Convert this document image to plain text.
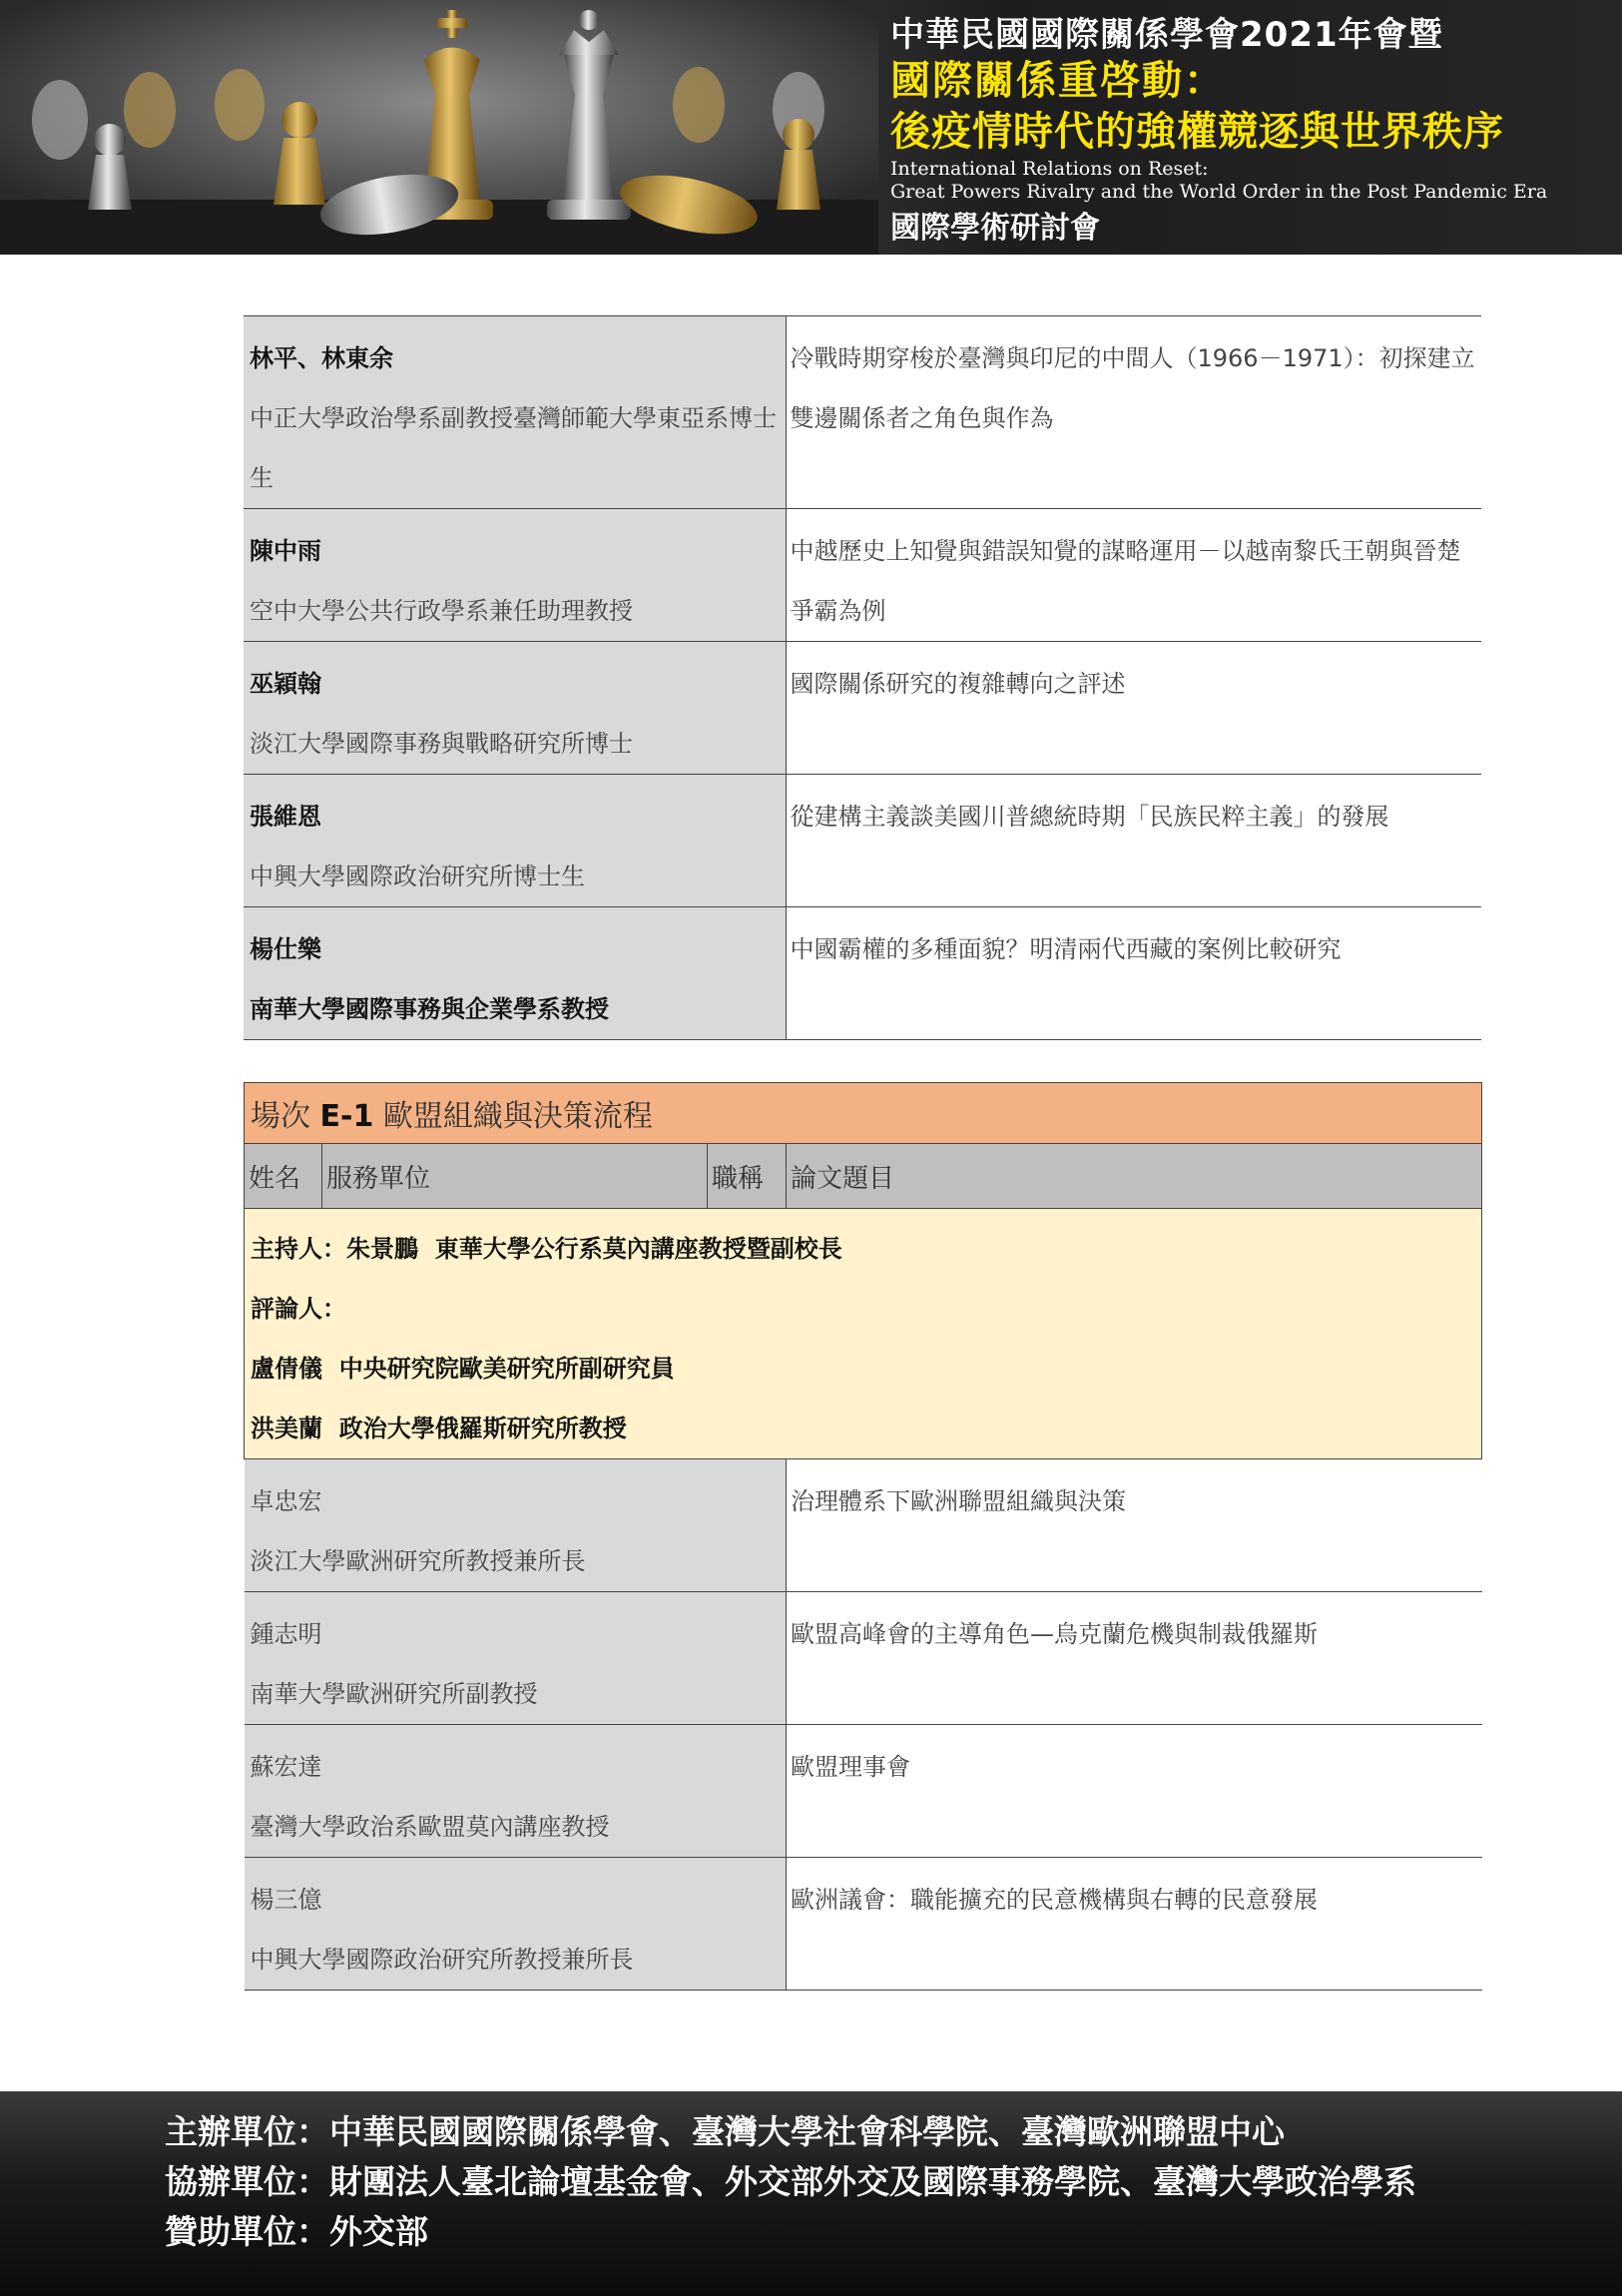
中華民國國際關係學會2021年會暨
國際關係重啓動：
後疫情時代的強權競逐與世界秩序
International Relations on Reset:
Great Powers Rivalry and the World Order in the Post Pandemic Era
國際學術研討會
林平、林東余
中正大學政治學系副教授臺灣師範大學東亞系博士生	冷戰時期穿梭於臺灣與印尼的中間人（1966－1971）：初探建立雙邊關係者之角色與作為

陳中雨
空中大學公共行政學系兼任助理教授	中越歷史上知覺與錯誤知覺的謀略運用－以越南黎氏王朝與晉楚爭霸為例

巫穎翰
淡江大學國際事務與戰略研究所博士	國際關係研究的複雜轉向之評述

張維恩
中興大學國際政治研究所博士生	從建構主義談美國川普總統時期「民族民粹主義」的發展

楊仕樂
南華大學國際事務與企業學系教授	中國霸權的多種面貌？明清兩代西藏的案例比較研究
場次 E-1 歐盟組織與決策流程			
姓名	服務單位	職稱	論文題目

主持人：朱景鵬  東華大學公行系莫內講座教授暨副校長
評論人：
盧倩儀  中央研究院歐美研究所副研究員
洪美蘭  政治大學俄羅斯研究所教授			

卓忠宏
淡江大學歐洲研究所教授兼所長			治理體系下歐洲聯盟組織與決策

鍾志明
南華大學歐洲研究所副教授			歐盟高峰會的主導角色—烏克蘭危機與制裁俄羅斯

蘇宏達
臺灣大學政治系歐盟莫內講座教授			歐盟理事會

楊三億
中興大學國際政治研究所教授兼所長			歐洲議會：職能擴充的民意機構與右轉的民意發展
主辦單位：中華民國國際關係學會、臺灣大學社會科學院、臺灣歐洲聯盟中心
協辦單位：財團法人臺北論壇基金會、外交部外交及國際事務學院、臺灣大學政治學系
贊助單位：外交部
